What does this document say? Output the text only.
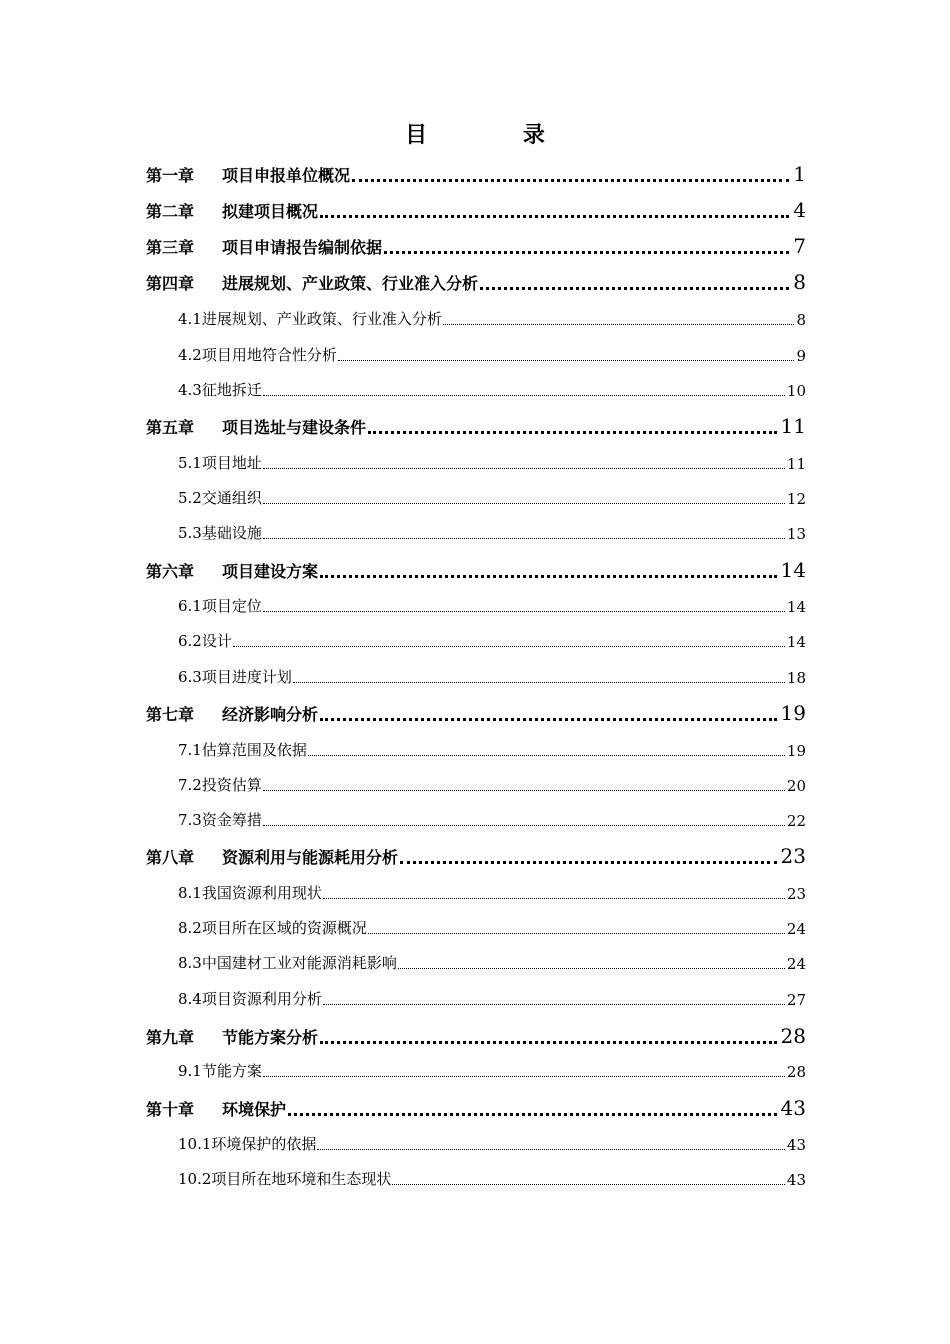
目 录
第一章 项目申报单位概况	1
第二章 拟建项目概况	4
第三章 项目申请报告编制依据	7
第四章 进展规划、产业政策、行业准入分析	8
4.1进展规划、产业政策、行业准入分析	8
4.2项目用地符合性分析	9
4.3征地拆迁	10
第五章 项目选址与建设条件	11
5.1项目地址	11
5.2交通组织	12
5.3基础设施	13
第六章 项目建设方案	14
6.1项目定位	14
6.2设计	14
6.3项目进度计划	18
第七章 经济影响分析	19
7.1估算范围及依据	19
7.2投资估算	20
7.3资金筹措	22
第八章 资源利用与能源耗用分析	23
8.1我国资源利用现状	23
8.2项目所在区域的资源概况	24
8.3中国建材工业对能源消耗影响	24
8.4项目资源利用分析	27
第九章 节能方案分析	28
9.1节能方案	28
第十章 环境保护	43
10.1环境保护的依据	43
10.2项目所在地环境和生态现状	43
